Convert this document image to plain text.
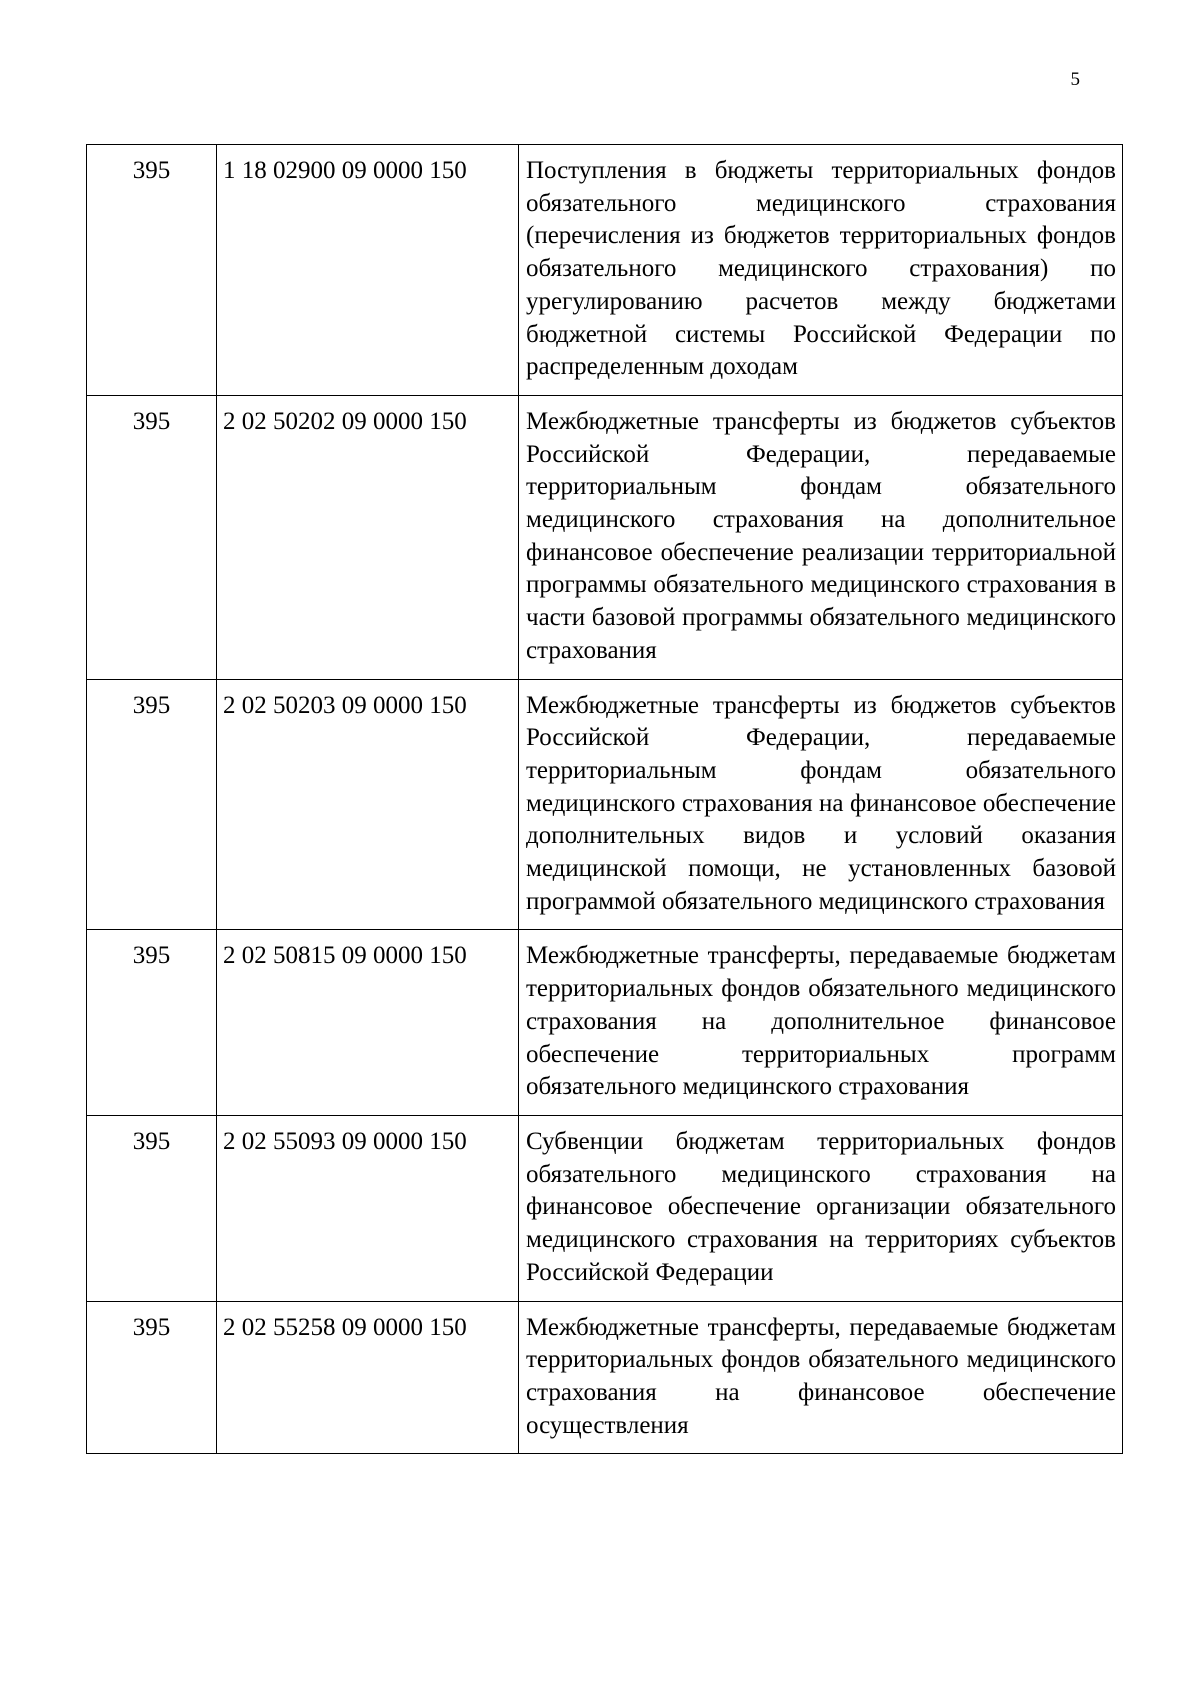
5
395	1 18 02900 09 0000 150	Поступления в бюджеты территориальных фондов обязательного медицинского страхования (перечисления из бюджетов территориальных фондов обязательного медицинского страхования) по урегулированию расчетов между бюджетами бюджетной системы Российской Федерации по распределенным доходам
395	2 02 50202 09 0000 150	Межбюджетные трансферты из бюджетов субъектов Российской Федерации, передаваемые территориальным фондам обязательного медицинского страхования на дополнительное финансовое обеспечение реализации территориальной программы обязательного медицинского страхования в части базовой программы обязательного медицинского страхования
395	2 02 50203 09 0000 150	Межбюджетные трансферты из бюджетов субъектов Российской Федерации, передаваемые территориальным фондам обязательного медицинского страхования на финансовое обеспечение дополнительных видов и условий оказания медицинской помощи, не установленных базовой программой обязательного медицинского страхования
395	2 02 50815 09 0000 150	Межбюджетные трансферты, передаваемые бюджетам территориальных фондов обязательного медицинского страхования на дополнительное финансовое обеспечение территориальных программ обязательного медицинского страхования
395	2 02 55093 09 0000 150	Субвенции бюджетам территориальных фондов обязательного медицинского страхования на финансовое обеспечение организации обязательного медицинского страхования на территориях субъектов Российской Федерации
395	2 02 55258 09 0000 150	Межбюджетные трансферты, передаваемые бюджетам территориальных фондов обязательного медицинского страхования на финансовое обеспечение осуществления
